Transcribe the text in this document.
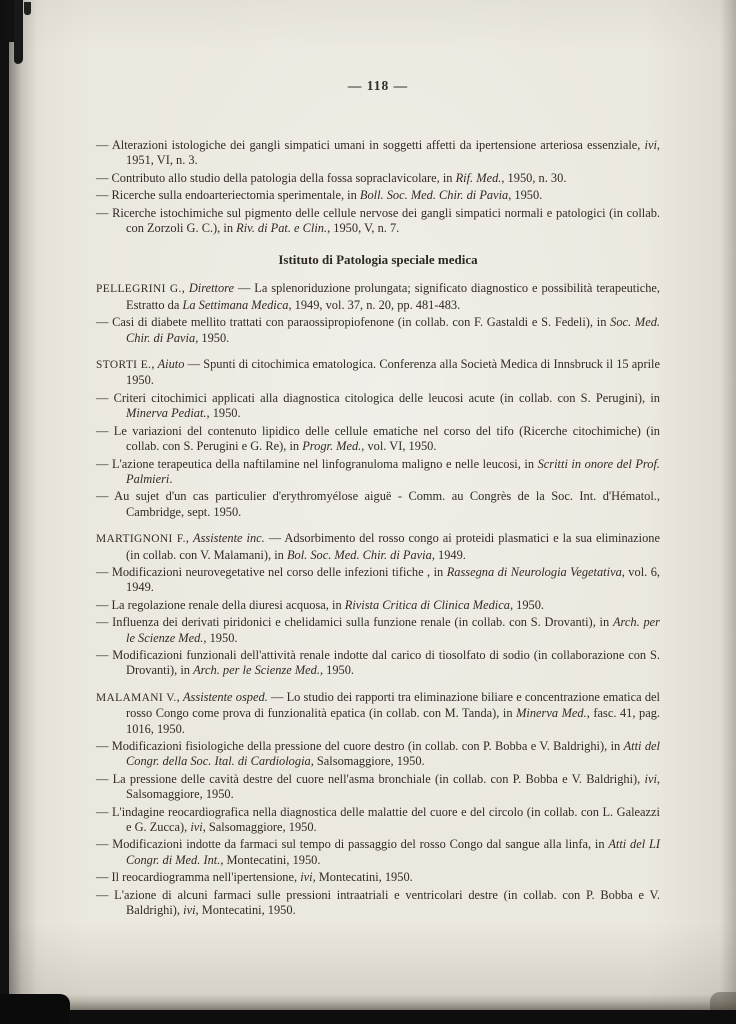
— 118 —

— Alterazioni istologiche dei gangli simpatici umani in soggetti affetti da ipertensione arteriosa essenziale, ivi, 1951, VI, n. 3.

— Contributo allo studio della patologia della fossa sopraclavicolare, in Rif. Med., 1950, n. 30.

— Ricerche sulla endoarteriectomia sperimentale, in Boll. Soc. Med. Chir. di Pavia, 1950.

— Ricerche istochimiche sul pigmento delle cellule nervose dei gangli simpatici normali e patologici (in collab. con Zorzoli G. C.), in Riv. di Pat. e Clin., 1950, V, n. 7.

Istituto di Patologia speciale medica

PELLEGRINI G., Direttore — La splenoriduzione prolungata; significato diagnostico e possibilità terapeutiche, Estratto da La Settimana Medica, 1949, vol. 37, n. 20, pp. 481-483.

— Casi di diabete mellito trattati con paraossipropiofenone (in collab. con F. Gastaldi e S. Fedeli), in Soc. Med. Chir. di Pavia, 1950.

STORTI E., Aiuto — Spunti di citochimica ematologica. Conferenza alla Società Medica di Innsbruck il 15 aprile 1950.

— Criteri citochimici applicati alla diagnostica citologica delle leucosi acute (in collab. con S. Perugini), in Minerva Pediat., 1950.

— Le variazioni del contenuto lipidico delle cellule ematiche nel corso del tifo (Ricerche citochimiche) (in collab. con S. Perugini e G. Re), in Progr. Med., vol. VI, 1950.

— L'azione terapeutica della naftilamine nel linfogranuloma maligno e nelle leucosi, in Scritti in onore del Prof. Palmieri.

— Au sujet d'un cas particulier d'erythromyélose aiguë - Comm. au Congrès de la Soc. Int. d'Hématol., Cambridge, sept. 1950.

MARTIGNONI F., Assistente inc. — Adsorbimento del rosso congo ai proteidi plasmatici e la sua eliminazione (in collab. con V. Malamani), in Bol. Soc. Med. Chir. di Pavia, 1949.

— Modificazioni neurovegetative nel corso delle infezioni tifiche , in Rassegna di Neurologia Vegetativa, vol. 6, 1949.

— La regolazione renale della diuresi acquosa, in Rivista Critica di Clinica Medica, 1950.

— Influenza dei derivati piridonici e chelidamici sulla funzione renale (in collab. con S. Drovanti), in Arch. per le Scienze Med., 1950.

— Modificazioni funzionali dell'attività renale indotte dal carico di tiosolfato di sodio (in collaborazione con S. Drovanti), in Arch. per le Scienze Med., 1950.

MALAMANI V., Assistente osped. — Lo studio dei rapporti tra eliminazione biliare e concentrazione ematica del rosso Congo come prova di funzionalità epatica (in collab. con M. Tanda), in Minerva Med., fasc. 41, pag. 1016, 1950.

— Modificazioni fisiologiche della pressione del cuore destro (in collab. con P. Bobba e V. Baldrighi), in Atti del Congr. della Soc. Ital. di Cardiologia, Salsomaggiore, 1950.

— La pressione delle cavità destre del cuore nell'asma bronchiale (in collab. con P. Bobba e V. Baldrighi), ivi, Salsomaggiore, 1950.

— L'indagine reocardiografica nella diagnostica delle malattie del cuore e del circolo (in collab. con L. Galeazzi e G. Zucca), ivi, Salsomaggiore, 1950.

— Modificazioni indotte da farmaci sul tempo di passaggio del rosso Congo dal sangue alla linfa, in Atti del LI Congr. di Med. Int., Montecatini, 1950.

— Il reocardiogramma nell'ipertensione, ivi, Montecatini, 1950.

— L'azione di alcuni farmaci sulle pressioni intraatriali e ventricolari destre (in collab. con P. Bobba e V. Baldrighi), ivi, Montecatini, 1950.
